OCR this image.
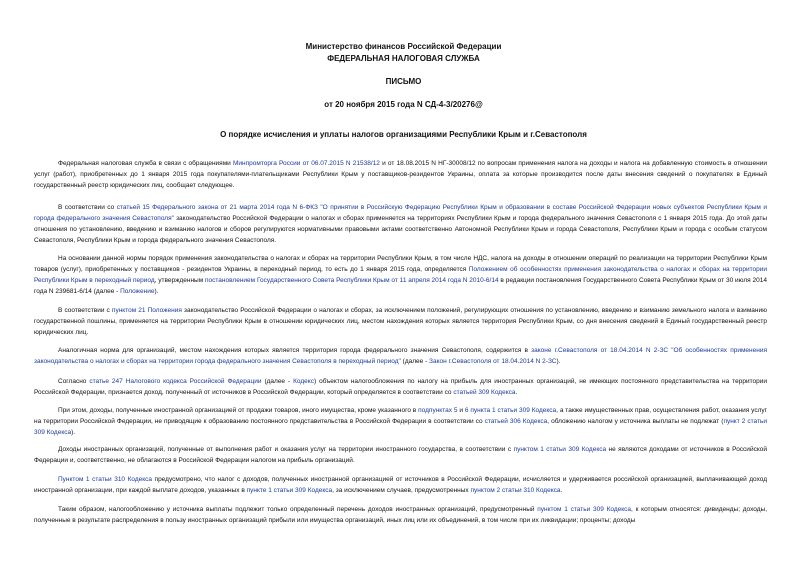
Министерство финансов Российской Федерации
ФЕДЕРАЛЬНАЯ НАЛОГОВАЯ СЛУЖБА
ПИСЬМО
от 20 ноября 2015 года N СД-4-3/20276@
О порядке исчисления и уплаты налогов организациями Республики Крым и г.Севастополя

Федеральная налоговая служба в связи с обращениями Минпромторга России от 06.07.2015 N 21538/12 и от 18.08.2015 N НГ-30008/12 по вопросам применения налога на доходы и налога на добавленную стоимость в отношении услуг (работ), приобретенных до 1 января 2015 года покупателями-плательщиками Республики Крым у поставщиков-резидентов Украины, оплата за которые производится после даты внесения сведений о покупателях в Единый государственный реестр юридических лиц, сообщает следующее.

В соответствии со статьей 15 Федерального закона от 21 марта 2014 года N 6-ФКЗ "О принятии в Российскую Федерацию Республики Крым и образовании в составе Российской Федерации новых субъектов Республики Крым и города федерального значения Севастополя" законодательство Российской Федерации о налогах и сборах применяется на территориях Республики Крым и города федерального значения Севастополя с 1 января 2015 года. До этой даты отношения по установлению, введению и взиманию налогов и сборов регулируются нормативными правовыми актами соответственно Автономной Республики Крым и города Севастополя, Республики Крым и города с особым статусом Севастополя, Республики Крым и города федерального значения Севастополя.

На основании данной нормы порядок применения законодательства о налогах и сборах на территории Республики Крым, в том числе НДС, налога на доходы в отношении операций по реализации на территории Республики Крым товаров (услуг), приобретенных у поставщиков - резидентов Украины, в переходный период, то есть до 1 января 2015 года, определяется Положением об особенностях применения законодательства о налогах и сборах на территории Республики Крым в переходный период, утвержденным постановлением Государственного Совета Республики Крым от 11 апреля 2014 года N 2010-6/14 в редакции постановления Государственного Совета Республики Крым от 30 июля 2014 года N 239681-6/14 (далее - Положение).

В соответствии с пунктом 21 Положения законодательство Российской Федерации о налогах и сборах, за исключением положений, регулирующих отношения по установлению, введению и взиманию земельного налога и взиманию государственной пошлины, применяется на территории Республики Крым в отношении юридических лиц, местом нахождения которых является территория Республики Крым, со дня внесения сведений в Единый государственный реестр юридических лиц.

Аналогичная норма для организаций, местом нахождения которых является территория города федерального значения Севастополя, содержится в законе г.Севастополя от 18.04.2014 N 2-ЗС "Об особенностях применения законодательства о налогах и сборах на территории города федерального значения Севастополя в переходный период" (далее - Закон г.Севастополя от 18.04.2014 N 2-ЗС).

Согласно статье 247 Налогового кодекса Российской Федерации (далее - Кодекс) объектом налогообложения по налогу на прибыль для иностранных организаций, не имеющих постоянного представительства на территории Российской Федерации, признается доход, полученный от источников в Российской Федерации, который определяется в соответствии со статьей 309 Кодекса.

При этом, доходы, полученные иностранной организацией от продажи товаров, иного имущества, кроме указанного в подпунктах 5 и 6 пункта 1 статьи 309 Кодекса, а также имущественных прав, осуществления работ, оказания услуг на территории Российской Федерации, не приводящие к образованию постоянного представительства в Российской Федерации в соответствии со статьей 306 Кодекса, обложению налогом у источника выплаты не подлежат (пункт 2 статьи 309 Кодекса).

Доходы иностранных организаций, полученные от выполнения работ и оказания услуг на территории иностранного государства, в соответствии с пунктом 1 статьи 309 Кодекса не являются доходами от источников в Российской Федерации и, соответственно, не облагаются в Российской Федерации налогом на прибыль организаций.

Пунктом 1 статьи 310 Кодекса предусмотрено, что налог с доходов, полученных иностранной организацией от источников в Российской Федерации, исчисляется и удерживается российской организацией, выплачивающей доход иностранной организации, при каждой выплате доходов, указанных в пункте 1 статьи 309 Кодекса, за исключением случаев, предусмотренных пунктом 2 статьи 310 Кодекса.

Таким образом, налогообложению у источника выплаты подлежит только определенный перечень доходов иностранных организаций, предусмотренный пунктом 1 статьи 309 Кодекса, к которым относятся: дивиденды; доходы, полученные в результате распределения в пользу иностранных организаций прибыли или имущества организаций, иных лиц или их объединений, в том числе при их ликвидации; проценты; доходы
